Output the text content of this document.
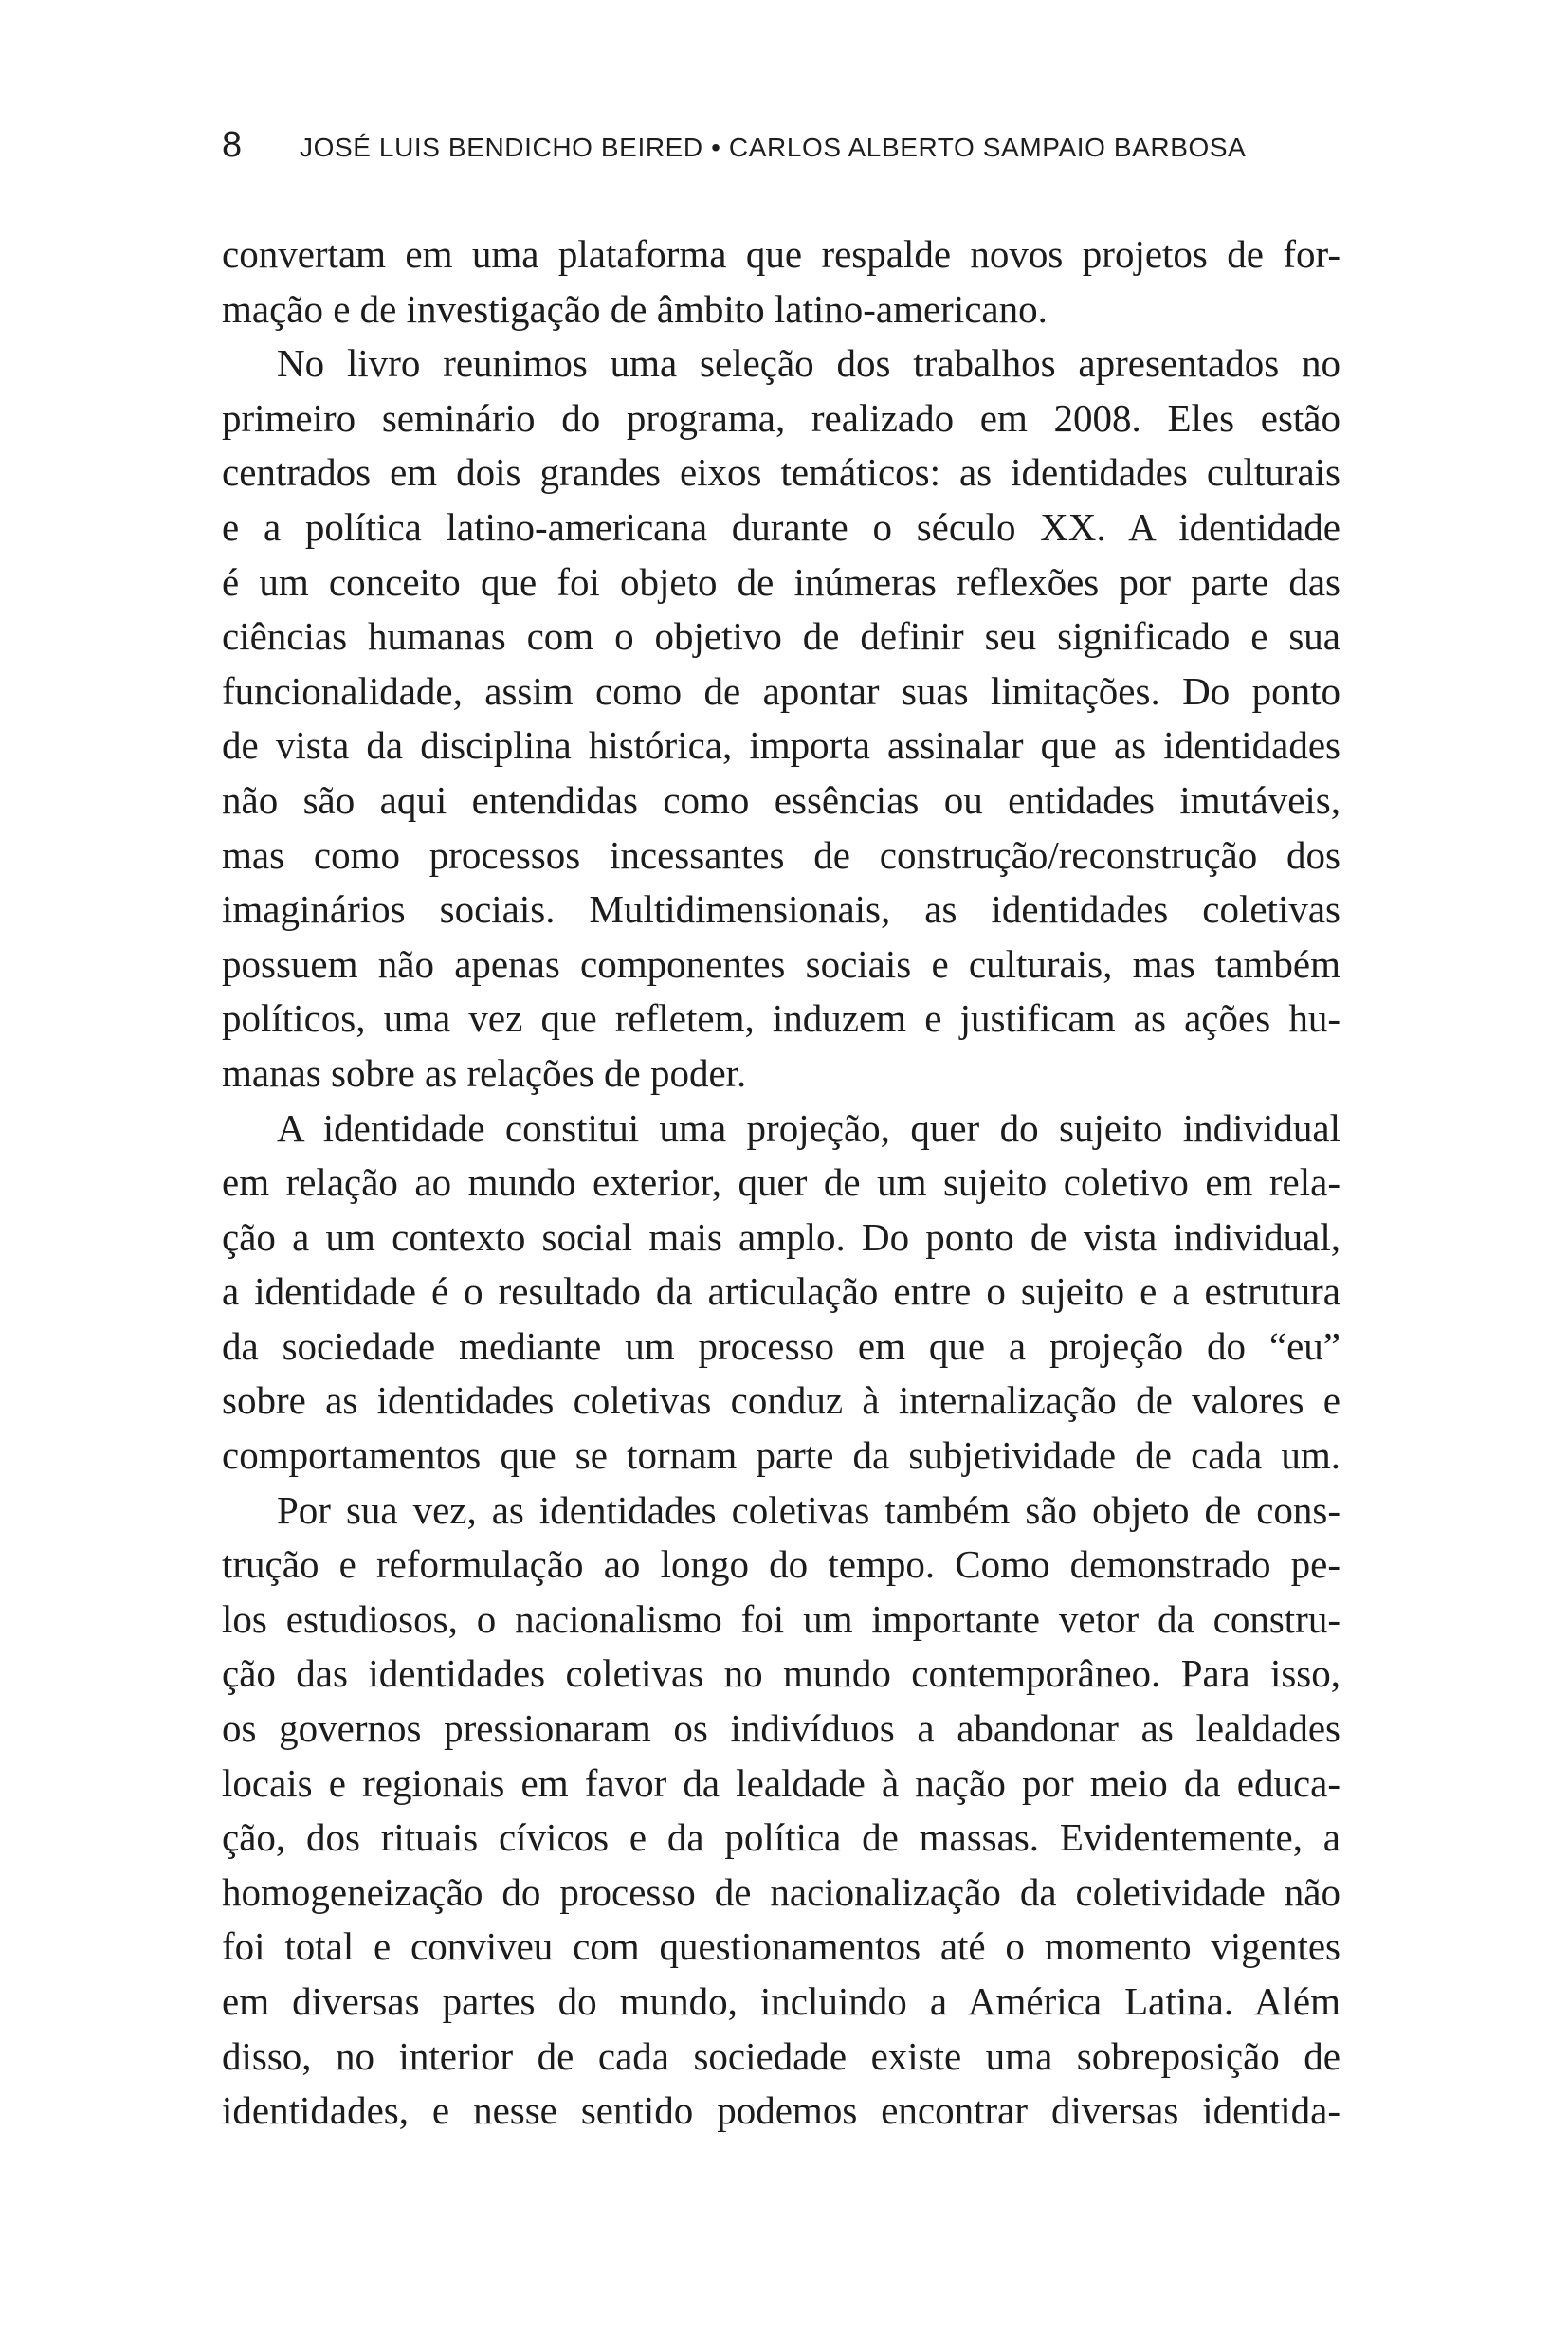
8	JOSÉ LUIS BENDICHO BEIRED • CARLOS ALBERTO SAMPAIO BARBOSA
convertam em uma plataforma que respalde novos projetos de for-
mação e de investigação de âmbito latino-americano.
No livro reunimos uma seleção dos trabalhos apresentados no
primeiro seminário do programa, realizado em 2008. Eles estão
centrados em dois grandes eixos temáticos: as identidades culturais
e a política latino-americana durante o século XX. A identidade
é um conceito que foi objeto de inúmeras reflexões por parte das
ciências humanas com o objetivo de definir seu significado e sua
funcionalidade, assim como de apontar suas limitações. Do ponto
de vista da disciplina histórica, importa assinalar que as identidades
não são aqui entendidas como essências ou entidades imutáveis,
mas como processos incessantes de construção/reconstrução dos
imaginários sociais. Multidimensionais, as identidades coletivas
possuem não apenas componentes sociais e culturais, mas também
políticos, uma vez que refletem, induzem e justificam as ações hu-
manas sobre as relações de poder.
A identidade constitui uma projeção, quer do sujeito individual
em relação ao mundo exterior, quer de um sujeito coletivo em rela-
ção a um contexto social mais amplo. Do ponto de vista individual,
a identidade é o resultado da articulação entre o sujeito e a estrutura
da sociedade mediante um processo em que a projeção do “eu”
sobre as identidades coletivas conduz à internalização de valores e
comportamentos que se tornam parte da subjetividade de cada um.
Por sua vez, as identidades coletivas também são objeto de cons-
trução e reformulação ao longo do tempo. Como demonstrado pe-
los estudiosos, o nacionalismo foi um importante vetor da constru-
ção das identidades coletivas no mundo contemporâneo. Para isso,
os governos pressionaram os indivíduos a abandonar as lealdades
locais e regionais em favor da lealdade à nação por meio da educa-
ção, dos rituais cívicos e da política de massas. Evidentemente, a
homogeneização do processo de nacionalização da coletividade não
foi total e conviveu com questionamentos até o momento vigentes
em diversas partes do mundo, incluindo a América Latina. Além
disso, no interior de cada sociedade existe uma sobreposição de
identidades, e nesse sentido podemos encontrar diversas identida-
